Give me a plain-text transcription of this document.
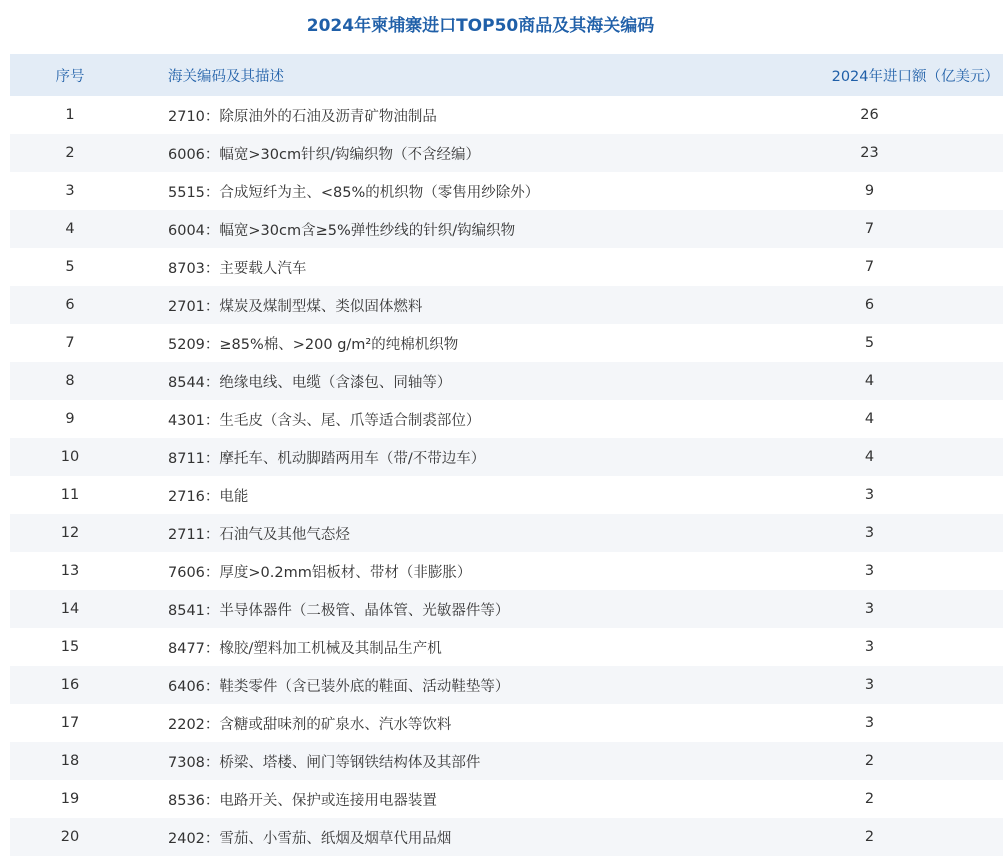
2024年柬埔寨进口TOP50商品及其海关编码
序号	海关编码及其描述	2024年进口额（亿美元）
1	2710：除原油外的石油及沥青矿物油制品	26
2	6006：幅宽>30cm针织/钩编织物（不含经编）	23
3	5515：合成短纤为主、<85%的机织物（零售用纱除外）	9
4	6004：幅宽>30cm含≥5%弹性纱线的针织/钩编织物	7
5	8703：主要载人汽车	7
6	2701：煤炭及煤制型煤、类似固体燃料	6
7	5209：≥85%棉、>200 g/m²的纯棉机织物	5
8	8544：绝缘电线、电缆（含漆包、同轴等）	4
9	4301：生毛皮（含头、尾、爪等适合制裘部位）	4
10	8711：摩托车、机动脚踏两用车（带/不带边车）	4
11	2716：电能	3
12	2711：石油气及其他气态烃	3
13	7606：厚度>0.2mm铝板材、带材（非膨胀）	3
14	8541：半导体器件（二极管、晶体管、光敏器件等）	3
15	8477：橡胶/塑料加工机械及其制品生产机	3
16	6406：鞋类零件（含已装外底的鞋面、活动鞋垫等）	3
17	2202：含糖或甜味剂的矿泉水、汽水等饮料	3
18	7308：桥梁、塔楼、闸门等钢铁结构体及其部件	2
19	8536：电路开关、保护或连接用电器装置	2
20	2402：雪茄、小雪茄、纸烟及烟草代用品烟	2
